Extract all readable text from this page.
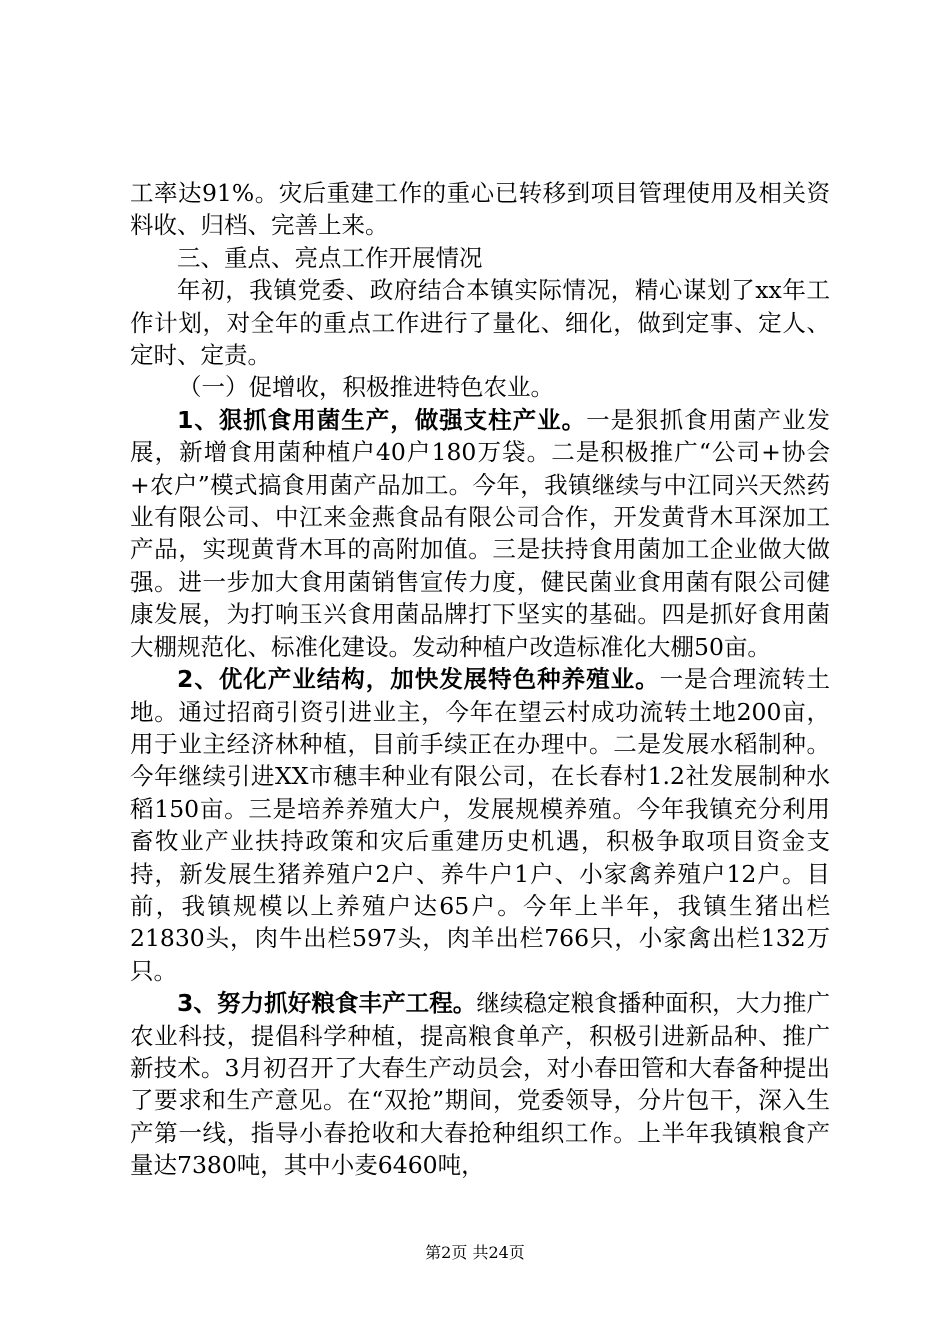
工率达91%。灾后重建工作的重心已转移到项目管理使用及相关资料收、归档、完善上来。

三、重点、亮点工作开展情况

年初，我镇党委、政府结合本镇实际情况，精心谋划了xx年工作计划，对全年的重点工作进行了量化、细化，做到定事、定人、定时、定责。

（一）促增收，积极推进特色农业。

1、狠抓食用菌生产，做强支柱产业。一是狠抓食用菌产业发展，新增食用菌种植户40户180万袋。二是积极推广“公司+协会+农户”模式搞食用菌产品加工。今年，我镇继续与中江同兴天然药业有限公司、中江来金燕食品有限公司合作，开发黄背木耳深加工产品，实现黄背木耳的高附加值。三是扶持食用菌加工企业做大做强。进一步加大食用菌销售宣传力度，健民菌业食用菌有限公司健康发展，为打响玉兴食用菌品牌打下坚实的基础。四是抓好食用菌大棚规范化、标准化建设。发动种植户改造标准化大棚50亩。

2、优化产业结构，加快发展特色种养殖业。一是合理流转土地。通过招商引资引进业主，今年在望云村成功流转土地200亩，用于业主经济林种植，目前手续正在办理中。二是发展水稻制种。今年继续引进XX市穗丰种业有限公司，在长春村1.2社发展制种水稻150亩。三是培养养殖大户，发展规模养殖。今年我镇充分利用畜牧业产业扶持政策和灾后重建历史机遇，积极争取项目资金支持，新发展生猪养殖户2户、养牛户1户、小家禽养殖户12户。目前，我镇规模以上养殖户达65户。今年上半年，我镇生猪出栏21830头，肉牛出栏597头，肉羊出栏766只，小家禽出栏132万只。

3、努力抓好粮食丰产工程。继续稳定粮食播种面积，大力推广农业科技，提倡科学种植，提高粮食单产，积极引进新品种、推广新技术。3月初召开了大春生产动员会，对小春田管和大春备种提出了要求和生产意见。在“双抢”期间，党委领导，分片包干，深入生产第一线，指导小春抢收和大春抢种组织工作。上半年我镇粮食产量达7380吨，其中小麦6460吨，

第2页 共24页
